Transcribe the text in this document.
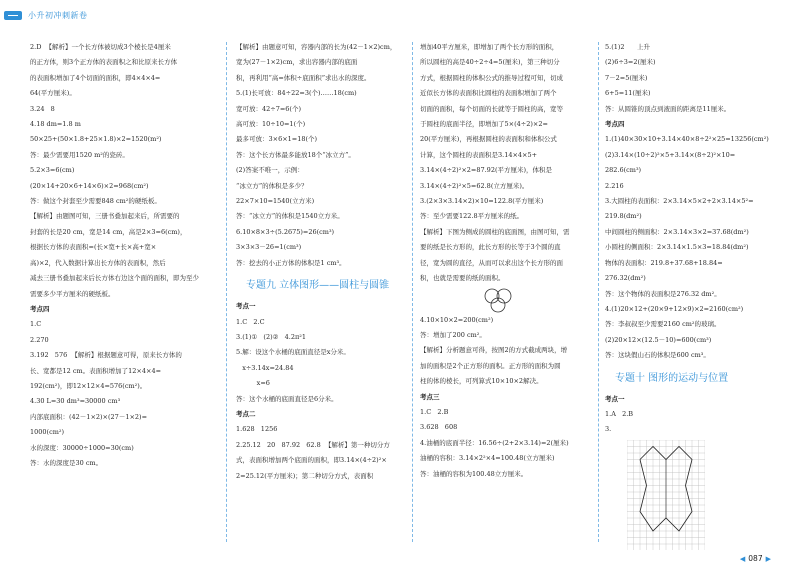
小升初冲刺新卷

2.D  【解析】一个长方体被切成3个棱长是4厘米

的正方体，则3个正方体的表面积之和比原来长方体

的表面积增加了4个切面的面积，即4×4×4=

64(平方厘米)。

3.24   8

4.18 dm=1.8 m

50×25+(50×1.8+25×1.8)×2=1520(m²)

答：最少需要用1520 m²的瓷砖。

5.2×3=6(cm)

(20×14+20×6+14×6)×2=968(cm²)

答：做这个封套至少需要848 cm²的硬纸板。

【解析】由题图可知，三册书叠加起来后，所需要的

封套的长是20 cm，宽是14 cm，高是2×3=6(cm)，

根据长方体的表面积=(长×宽+长×高+宽×

高)×2，代入数据计算出长方体的表面积，然后

减去三册书叠加起来后长方体右边这个面的面积，即为至少

需要多少平方厘米的硬纸板。

考点四

1.C

2.270

3.192   576  【解析】根据题意可得，原来长方体的

长、宽都是12 cm。表面积增加了12×4×4=

192(cm²)，即12×12×4=576(cm²)。

4.30 L=30 dm³=30000 cm³

内部底面积：(42－1×2)×(27－1×2)=

1000(cm²)

水的深度：30000÷1000=30(cm)

答：水的深度是30 cm。

【解析】由题意可知，容器内部的长为(42－1×2)cm，

宽为(27－1×2)cm，求出容器内部的底面

积，再利用“高=体积÷底面积”求出水的深度。

5.(1)长可放：84÷22=3(个)……18(cm)

宽可放：42÷7=6(个)

高可放：10÷10=1(个)

最多可放：3×6×1=18(个)

答：这个长方体最多能放18个“冰立方”。

(2)答案不唯一，示例：

“冰立方”的体积是多少？

22×7×10=1540(立方米)

答：“冰立方”的体积是1540立方米。

6.10×8×3÷(5.2675)=26(cm³)

3×3×3－26=1(cm³)

答：挖去的小正方体的体积是1 cm³。

专题九 立体图形——圆柱与圆锥

考点一

1.C   2.C

3.(1)①   (2)②   4.2π²1

5.解：设这个水桶的底面直径是x分米。

x÷3.14x=24.84

x=6

答：这个水桶的底面直径是6分米。

考点二

1.628   1256

2.25.12   20   87.92   62.8  【解析】第一种切分方

式，表面积增加两个底面的面积，即3.14×(4÷2)²×

2=25.12(平方厘米)；第二种切分方式，表面积

增加40平方厘米，即增加了两个长方形的面积，

所以圆柱的高是40÷2÷4=5(厘米)，第三种切分

方式，根据圆柱的体积公式的推导过程可知，切成

近似长方体的表面积比圆柱的表面积增加了两个

切面的面积，每个切面的长就等于圆柱的高，宽等

于圆柱的底面半径，即增加了5×(4÷2)×2=

20(平方厘米)，再根据圆柱的表面积和体积公式

计算，这个圆柱的表面积是3.14×4×5+

3.14×(4÷2)²×2=87.92(平方厘米)，体积是

3.14×(4÷2)²×5=62.8(立方厘米)。

3.(2×3×3.14×2)×10=122.8(平方厘米)

答：至少需要122.8平方厘米的纸。

【解析】下图为侧成的圆柱的底面图，由图可知，需

要的纸是长方形的，此长方形的长等于3个圆的直

径，宽为圆的直径，从而可以求出这个长方形的面

积，也就是需要的纸的面积。

4.10×10×2=200(cm²)

答：增加了200 cm²。

【解析】分析题意可得，按图2的方式截成两块，增

加的面积是2个正方形的面积。正方形的面积为圆

柱的体的棱长，可列算式10×10×2解决。

考点三

1.C   2.B

3.628   608

4.油桶的底面半径：16.56÷(2+2×3.14)=2(厘米)

油桶的容积：3.14×2²×4=100.48(立方厘米)

答：油桶的容积为100.48立方厘米。

5.(1)2      上升

(2)6÷3=2(厘米)

7－2=5(厘米)

6+5=11(厘米)

答：从圆锥的顶点到液面的距离是11厘米。

考点四

1.(1)40×30×10+3.14×40×8÷2²×25=13256(cm²)

(2)3.14×(10÷2)²×5+3.14×(8÷2)²×10=

282.6(cm³)

2.216

3.大圆柱的表面积：2×3.14×5×2+2×3.14×5²=

219.8(dm²)

中间圆柱的侧面积：2×3.14×3×2=37.68(dm²)

小圆柱的侧面积：2×3.14×1.5×3=18.84(dm²)

物体的表面积：219.8+37.68+18.84=

276.32(dm²)

答：这个物体的表面积是276.32 dm²。

4.(1)20×12+(20×9+12×9)×2=2160(cm²)

答：李叔叔至少需要2160 cm²的玻璃。

(2)20×12×(12.5－10)=600(cm³)

答：这块假山石的体积是600 cm³。

专题十 图形的运动与位置

考点一

1.A   2.B

3.

◀ 087 ▶
